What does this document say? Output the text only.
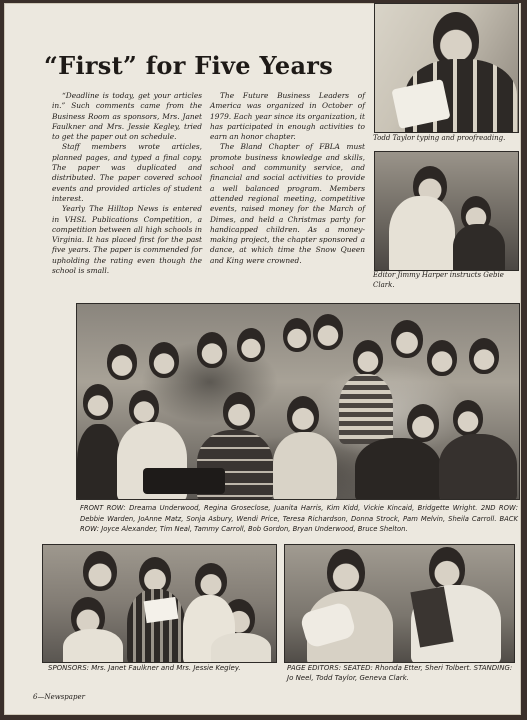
Todd Taylor typing and proofreading.
Editor Jimmy Harper instructs Gebie Clark.
“First” for Five Years

“Deadline is today, get your articles in.” Such comments came from the Business Room as sponsors, Mrs. Janet Faulkner and Mrs. Jessie Kegley, tried to get the paper out on schedule.

Staff members wrote articles, planned pages, and typed a final copy. The paper was duplicated and distributed. The paper covered school events and provided articles of student interest.

Yearly The Hilltop News is entered in VHSL Publications Competition, a competition between all high schools in Virginia. It has placed first for the past five years. The paper is commended for upholding the rating even though the school is small.

The Future Business Leaders of America was organized in October of 1979. Each year since its organization, it has participated in enough activities to earn an honor chapter.

The Bland Chapter of FBLA must promote business knowledge and skills, school and community service, and financial and social activities to provide a well balanced program. Members attended regional meeting, competitive events, raised money for the March of Dimes, and held a Christmas party for handicapped children. As a money-making project, the chapter sponsored a dance, at which time the Snow Queen and King were crowned.

FRONT ROW: Dreama Underwood, Regina Groseclose, Juanita Harris, Kim Kidd, Vickie Kincaid, Bridgette Wright. 2ND ROW: Debbie Warden, JoAnne Matz, Sonja Asbury, Wendi Price, Teresa Richardson, Donna Strock, Pam Melvin, Sheila Carroll. BACK ROW: Joyce Alexander, Tim Neal, Tammy Carroll, Bob Gordon, Bryan Underwood, Bruce Shelton.
SPONSORS: Mrs. Janet Faulkner and Mrs. Jessie Kegley.	PAGE EDITORS: SEATED: Rhonda Etter, Sheri Tolbert. STANDING: Jo Neel, Todd Taylor, Geneva Clark.
6—Newspaper
